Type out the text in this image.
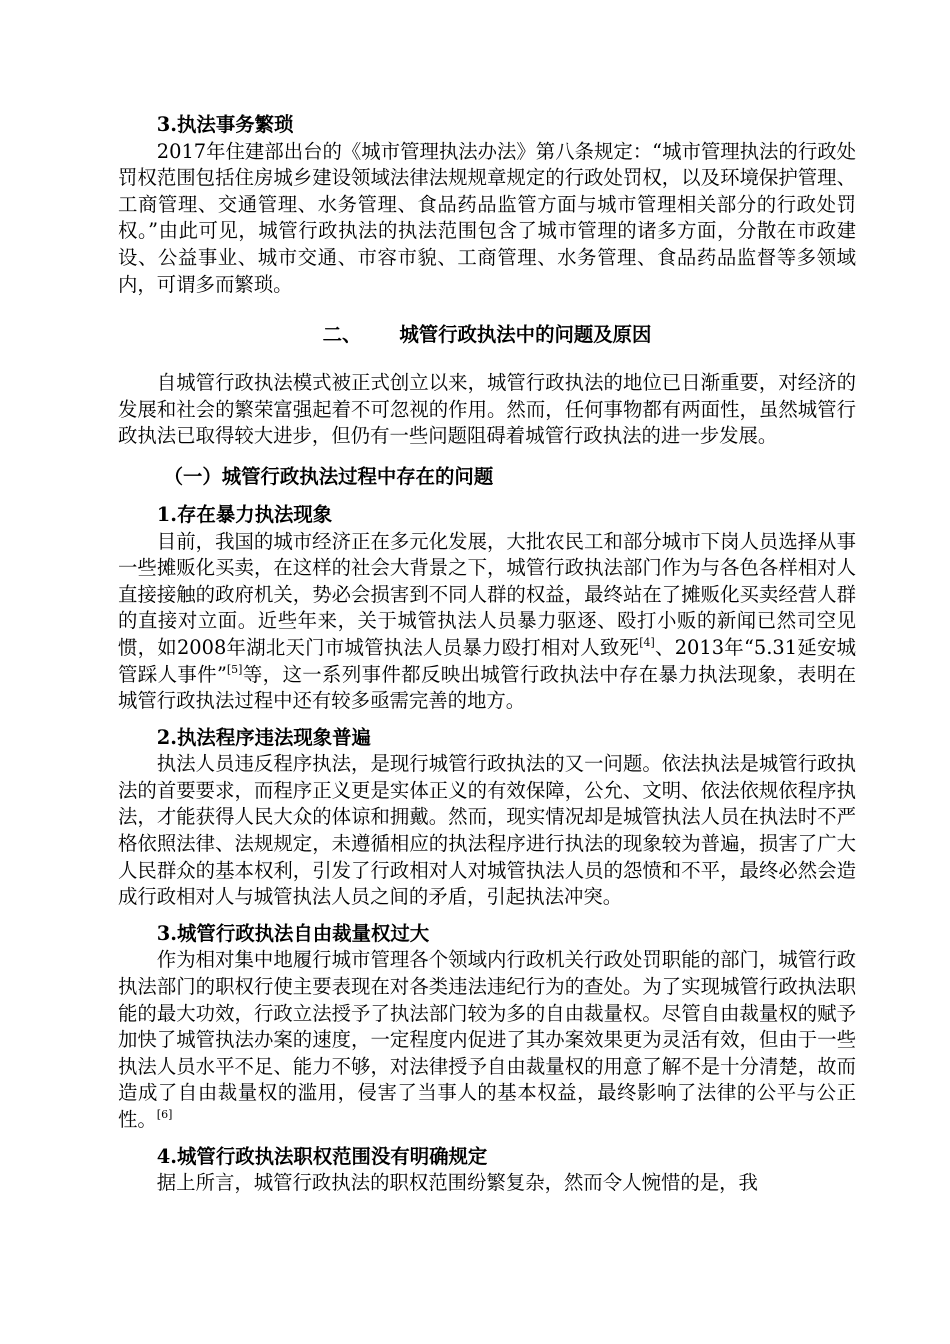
3.执法事务繁琐

2017年住建部出台的《城市管理执法办法》第八条规定：“城市管理执法的行政处罚权范围包括住房城乡建设领域法律法规规章规定的行政处罚权，以及环境保护管理、工商管理、交通管理、水务管理、食品药品监管方面与城市管理相关部分的行政处罚权。”由此可见，城管行政执法的执法范围包含了城市管理的诸多方面，分散在市政建设、公益事业、城市交通、市容市貌、工商管理、水务管理、食品药品监督等多领域内，可谓多而繁琐。

二、 城管行政执法中的问题及原因

自城管行政执法模式被正式创立以来，城管行政执法的地位已日渐重要，对经济的发展和社会的繁荣富强起着不可忽视的作用。然而，任何事物都有两面性，虽然城管行政执法已取得较大进步，但仍有一些问题阻碍着城管行政执法的进一步发展。

（一）城管行政执法过程中存在的问题
1.存在暴力执法现象

目前，我国的城市经济正在多元化发展，大批农民工和部分城市下岗人员选择从事一些摊贩化买卖，在这样的社会大背景之下，城管行政执法部门作为与各色各样相对人直接接触的政府机关，势必会损害到不同人群的权益，最终站在了摊贩化买卖经营人群的直接对立面。近些年来，关于城管执法人员暴力驱逐、殴打小贩的新闻已然司空见惯，如2008年湖北天门市城管执法人员暴力殴打相对人致死[4]、2013年“5.31延安城管踩人事件”[5]等，这一系列事件都反映出城管行政执法中存在暴力执法现象，表明在城管行政执法过程中还有较多亟需完善的地方。

2.执法程序违法现象普遍

执法人员违反程序执法，是现行城管行政执法的又一问题。依法执法是城管行政执法的首要要求，而程序正义更是实体正义的有效保障，公允、文明、依法依规依程序执法，才能获得人民大众的体谅和拥戴。然而，现实情况却是城管执法人员在执法时不严格依照法律、法规规定，未遵循相应的执法程序进行执法的现象较为普遍，损害了广大人民群众的基本权利，引发了行政相对人对城管执法人员的怨愤和不平，最终必然会造成行政相对人与城管执法人员之间的矛盾，引起执法冲突。

3.城管行政执法自由裁量权过大

作为相对集中地履行城市管理各个领域内行政机关行政处罚职能的部门，城管行政执法部门的职权行使主要表现在对各类违法违纪行为的查处。为了实现城管行政执法职能的最大功效，行政立法授予了执法部门较为多的自由裁量权。尽管自由裁量权的赋予加快了城管执法办案的速度，一定程度内促进了其办案效果更为灵活有效，但由于一些执法人员水平不足、能力不够，对法律授予自由裁量权的用意了解不是十分清楚，故而造成了自由裁量权的滥用，侵害了当事人的基本权益，最终影响了法律的公平与公正性。[6]

4.城管行政执法职权范围没有明确规定

据上所言，城管行政执法的职权范围纷繁复杂，然而令人惋惜的是，我
